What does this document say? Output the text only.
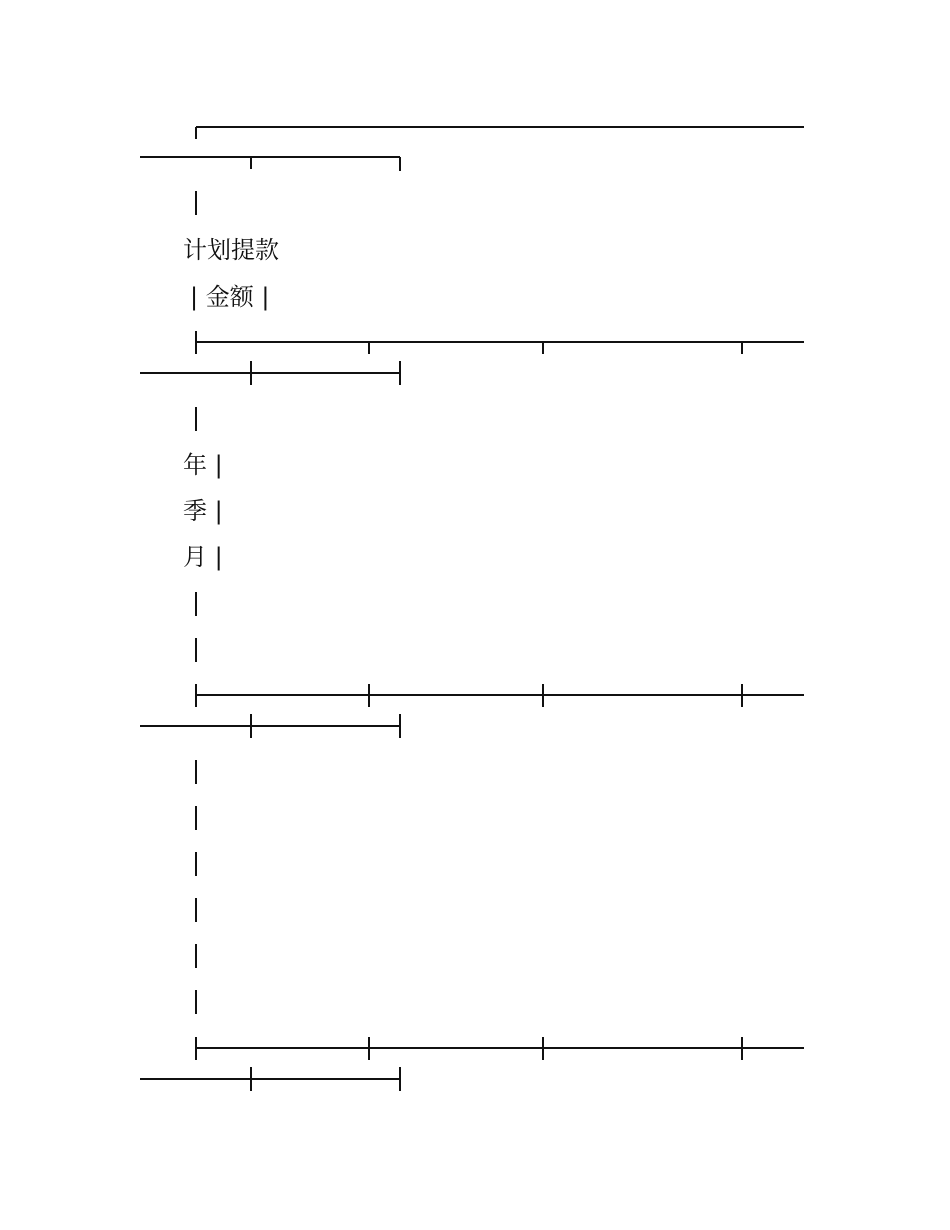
计划提款
| 金额 |
年 |
季 |
月 |
